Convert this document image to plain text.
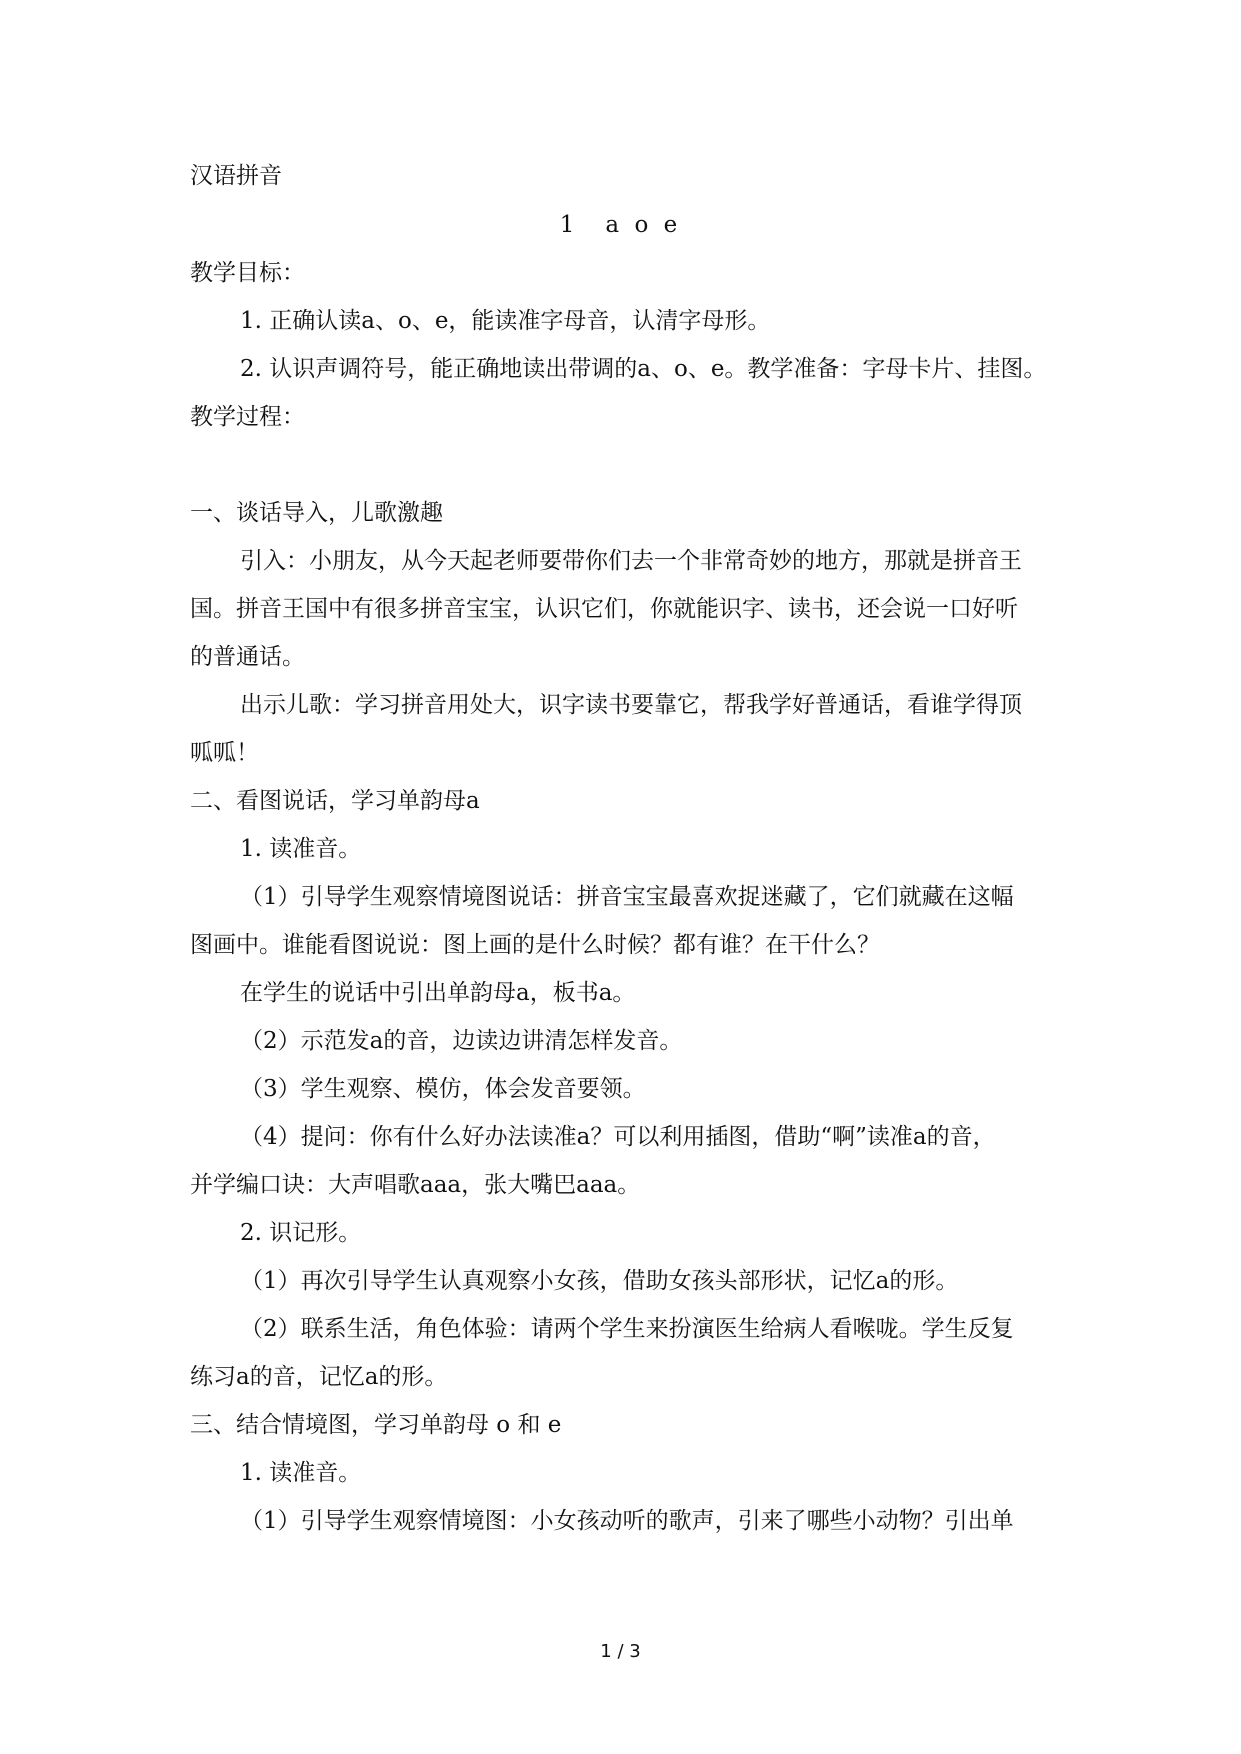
汉语拼音
1　a o e
教学目标：
1. 正确认读a、o、e，能读准字母音，认清字母形。
2. 认识声调符号，能正确地读出带调的a、o、e。教学准备：字母卡片、挂图。
教学过程：
一、谈话导入，儿歌激趣
引入：小朋友，从今天起老师要带你们去一个非常奇妙的地方，那就是拼音王
国。拼音王国中有很多拼音宝宝，认识它们，你就能识字、读书，还会说一口好听
的普通话。
出示儿歌：学习拼音用处大，识字读书要靠它，帮我学好普通话，看谁学得顶
呱呱！
二、看图说话，学习单韵母a
1. 读准音。
（1）引导学生观察情境图说话：拼音宝宝最喜欢捉迷藏了，它们就藏在这幅
图画中。谁能看图说说：图上画的是什么时候？都有谁？在干什么？
在学生的说话中引出单韵母a，板书a。
（2）示范发a的音，边读边讲清怎样发音。
（3）学生观察、模仿，体会发音要领。
（4）提问：你有什么好办法读准a？可以利用插图，借助“啊”读准a的音，
并学编口诀：大声唱歌aaa，张大嘴巴aaa。
2. 识记形。
（1）再次引导学生认真观察小女孩，借助女孩头部形状，记忆a的形。
（2）联系生活，角色体验：请两个学生来扮演医生给病人看喉咙。学生反复
练习a的音，记忆a的形。
三、结合情境图，学习单韵母 o 和 e
1. 读准音。
（1）引导学生观察情境图：小女孩动听的歌声，引来了哪些小动物？引出单
1 / 3
